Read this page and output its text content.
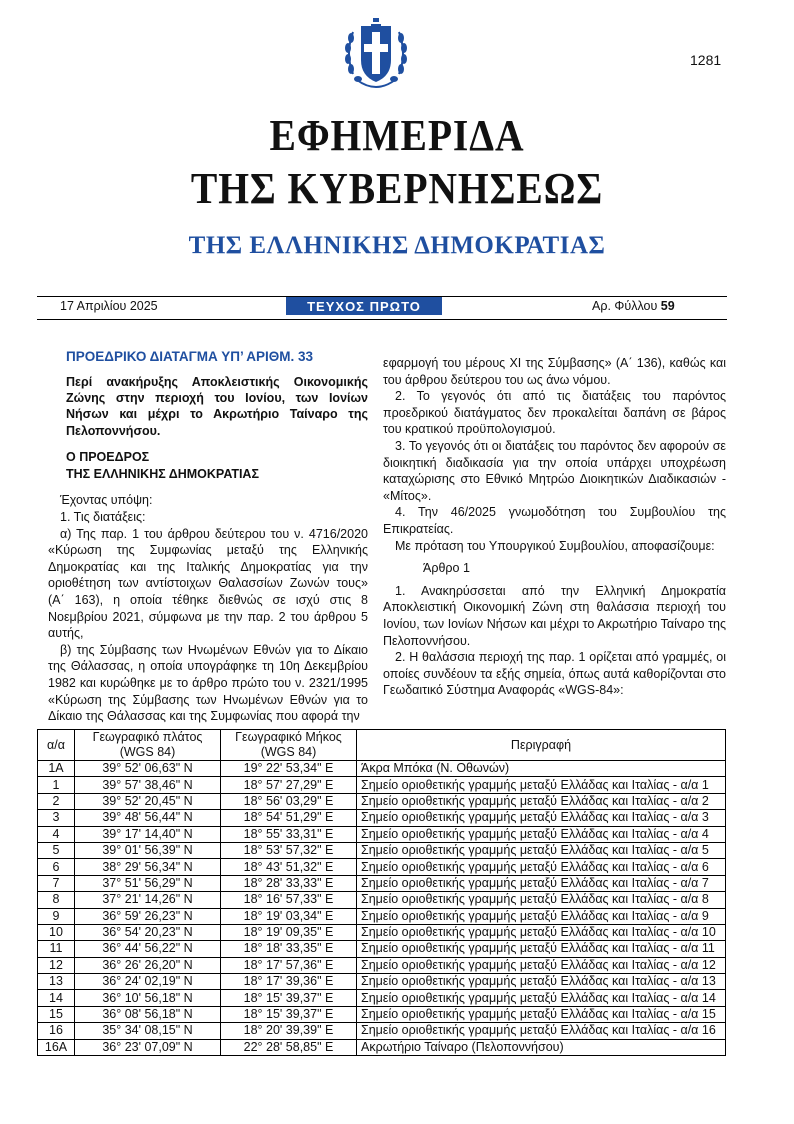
1281
ΕΦΗΜΕΡΙΔΑ
ΤΗΣ ΚΥΒΕΡΝΗΣΕΩΣ
ΤΗΣ ΕΛΛΗΝΙΚΗΣ ΔΗΜΟΚΡΑΤΙΑΣ
17 Απριλίου 2025	ΤΕΥΧΟΣ ΠΡΩΤΟ	Αρ. Φύλλου 59

ΠΡΟΕΔΡΙΚΟ ΔΙΑΤΑΓΜΑ ΥΠ’ ΑΡΙΘΜ. 33

Περί ανακήρυξης Αποκλειστικής Οικονομικής Ζώνης στην περιοχή του Ιονίου, των Ιονίων Νήσων και μέχρι το Ακρωτήριο Ταίναρο της Πελοποννήσου.

Ο ΠΡΟΕΔΡΟΣ
ΤΗΣ ΕΛΛΗΝΙΚΗΣ ΔΗΜΟΚΡΑΤΙΑΣ

Έχοντας υπόψη:

1. Τις διατάξεις:

α) Της παρ. 1 του άρθρου δεύτερου του ν. 4716/2020 «Κύρωση της Συμφωνίας μεταξύ της Ελληνικής Δημοκρατίας και της Ιταλικής Δημοκρατίας για την οριοθέτηση των αντίστοιχων Θαλασσίων Ζωνών τους» (Α΄ 163), η οποία τέθηκε διεθνώς σε ισχύ στις 8 Νοεμβρίου 2021, σύμφωνα με την παρ. 2 του άρθρου 5 αυτής,

β) της Σύμβασης των Ηνωμένων Εθνών για το Δίκαιο της Θάλασσας, η οποία υπογράφηκε τη 10η Δεκεμβρίου 1982 και κυρώθηκε με το άρθρο πρώτο του ν. 2321/1995 «Κύρωση της Σύμβασης των Ηνωμένων Εθνών για το Δίκαιο της Θάλασσας και της Συμφωνίας που αφορά την

εφαρμογή του μέρους XI της Σύμβασης» (Α΄ 136), καθώς και του άρθρου δεύτερου του ως άνω νόμου.

2. Το γεγονός ότι από τις διατάξεις του παρόντος προεδρικού διατάγματος δεν προκαλείται δαπάνη σε βάρος του κρατικού προϋπολογισμού.

3. Το γεγονός ότι οι διατάξεις του παρόντος δεν αφορούν σε διοικητική διαδικασία για την οποία υπάρχει υποχρέωση καταχώρισης στο Εθνικό Μητρώο Διοικητικών Διαδικασιών - «Μίτος».

4. Την 46/2025 γνωμοδότηση του Συμβουλίου της Επικρατείας.

Με πρόταση του Υπουργικού Συμβουλίου, αποφασίζουμε:

Άρθρο 1

1. Ανακηρύσσεται από την Ελληνική Δημοκρατία Αποκλειστική Οικονομική Ζώνη στη θαλάσσια περιοχή του Ιονίου, των Ιονίων Νήσων και μέχρι το Ακρωτήριο Ταίναρο της Πελοποννήσου.

2. Η θαλάσσια περιοχή της παρ. 1 ορίζεται από γραμμές, οι οποίες συνδέουν τα εξής σημεία, όπως αυτά καθορίζονται στο Γεωδαιτικό Σύστημα Αναφοράς «WGS-84»:

α/α	Γεωγραφικό πλάτος (WGS 84)	Γεωγραφικό Μήκος (WGS 84)	Περιγραφή
1Α	39° 52' 06,63" N	19° 22' 53,34" E	Άκρα Μπόκα (Ν. Οθωνών)
1	39° 57' 38,46" N	18° 57' 27,29" E	Σημείο οριοθετικής γραμμής μεταξύ Ελλάδας και Ιταλίας - α/α 1
2	39° 52' 20,45" N	18° 56' 03,29" E	Σημείο οριοθετικής γραμμής μεταξύ Ελλάδας και Ιταλίας - α/α 2
3	39° 48' 56,44" N	18° 54' 51,29" E	Σημείο οριοθετικής γραμμής μεταξύ Ελλάδας και Ιταλίας - α/α 3
4	39° 17' 14,40" N	18° 55' 33,31" E	Σημείο οριοθετικής γραμμής μεταξύ Ελλάδας και Ιταλίας - α/α 4
5	39° 01' 56,39" N	18° 53' 57,32" E	Σημείο οριοθετικής γραμμής μεταξύ Ελλάδας και Ιταλίας - α/α 5
6	38° 29' 56,34" N	18° 43' 51,32" E	Σημείο οριοθετικής γραμμής μεταξύ Ελλάδας και Ιταλίας - α/α 6
7	37° 51' 56,29" N	18° 28' 33,33" E	Σημείο οριοθετικής γραμμής μεταξύ Ελλάδας και Ιταλίας - α/α 7
8	37° 21' 14,26" N	18° 16' 57,33" E	Σημείο οριοθετικής γραμμής μεταξύ Ελλάδας και Ιταλίας - α/α 8
9	36° 59' 26,23" N	18° 19' 03,34" E	Σημείο οριοθετικής γραμμής μεταξύ Ελλάδας και Ιταλίας - α/α 9
10	36° 54' 20,23" N	18° 19' 09,35" E	Σημείο οριοθετικής γραμμής μεταξύ Ελλάδας και Ιταλίας - α/α 10
11	36° 44' 56,22" N	18° 18' 33,35" E	Σημείο οριοθετικής γραμμής μεταξύ Ελλάδας και Ιταλίας - α/α 11
12	36° 26' 26,20" N	18° 17' 57,36" E	Σημείο οριοθετικής γραμμής μεταξύ Ελλάδας και Ιταλίας - α/α 12
13	36° 24' 02,19" N	18° 17' 39,36" E	Σημείο οριοθετικής γραμμής μεταξύ Ελλάδας και Ιταλίας - α/α 13
14	36° 10' 56,18" N	18° 15' 39,37" E	Σημείο οριοθετικής γραμμής μεταξύ Ελλάδας και Ιταλίας - α/α 14
15	36° 08' 56,18" N	18° 15' 39,37" E	Σημείο οριοθετικής γραμμής μεταξύ Ελλάδας και Ιταλίας - α/α 15
16	35° 34' 08,15" N	18° 20' 39,39" E	Σημείο οριοθετικής γραμμής μεταξύ Ελλάδας και Ιταλίας - α/α 16
16Α	36° 23' 07,09" N	22° 28' 58,85" E	Ακρωτήριο Ταίναρο (Πελοποννήσου)
